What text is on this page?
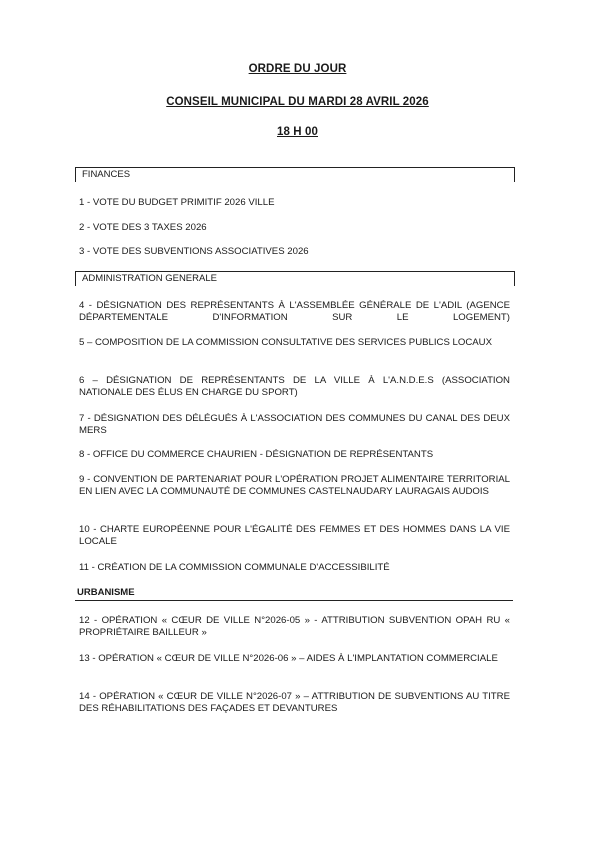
ORDRE DU JOUR
CONSEIL MUNICIPAL DU MARDI 28 AVRIL 2026
18 H 00
FINANCES
1 - VOTE DU BUDGET PRIMITIF 2026 VILLE
2 - VOTE DES 3 TAXES 2026
3 - VOTE DES SUBVENTIONS ASSOCIATIVES 2026
ADMINISTRATION GENERALE
4 - DÉSIGNATION DES REPRÉSENTANTS À L'ASSEMBLÉE GÉNÉRALE DE L'ADIL (AGENCE DÉPARTEMENTALE D'INFORMATION SUR LE LOGEMENT)
5 – COMPOSITION DE LA COMMISSION CONSULTATIVE DES SERVICES PUBLICS LOCAUX
6 – DÉSIGNATION DE REPRÉSENTANTS DE LA VILLE À L'A.N.D.E.S (ASSOCIATION NATIONALE DES ÉLUS EN CHARGE DU SPORT)
7 - DÉSIGNATION DES DÉLÉGUÉS À L'ASSOCIATION DES COMMUNES DU CANAL DES DEUX MERS
8 - OFFICE DU COMMERCE CHAURIEN - DÉSIGNATION DE REPRÉSENTANTS
9 - CONVENTION DE PARTENARIAT POUR L'OPÉRATION PROJET ALIMENTAIRE TERRITORIAL EN LIEN AVEC LA COMMUNAUTÉ DE COMMUNES CASTELNAUDARY LAURAGAIS AUDOIS
10 - CHARTE EUROPÉENNE POUR L'ÉGALITÉ DES FEMMES ET DES HOMMES DANS LA VIE LOCALE
11 - CRÉATION DE LA COMMISSION COMMUNALE D'ACCESSIBILITÉ
URBANISME
12 - OPÉRATION « CŒUR DE VILLE N°2026-05 » - ATTRIBUTION SUBVENTION OPAH RU « PROPRIÉTAIRE BAILLEUR »
13 - OPÉRATION « CŒUR DE VILLE N°2026-06 » – AIDES À L'IMPLANTATION COMMERCIALE
14 - OPÉRATION « CŒUR DE VILLE N°2026-07 » – ATTRIBUTION DE SUBVENTIONS AU TITRE DES RÉHABILITATIONS DES FAÇADES ET DEVANTURES
